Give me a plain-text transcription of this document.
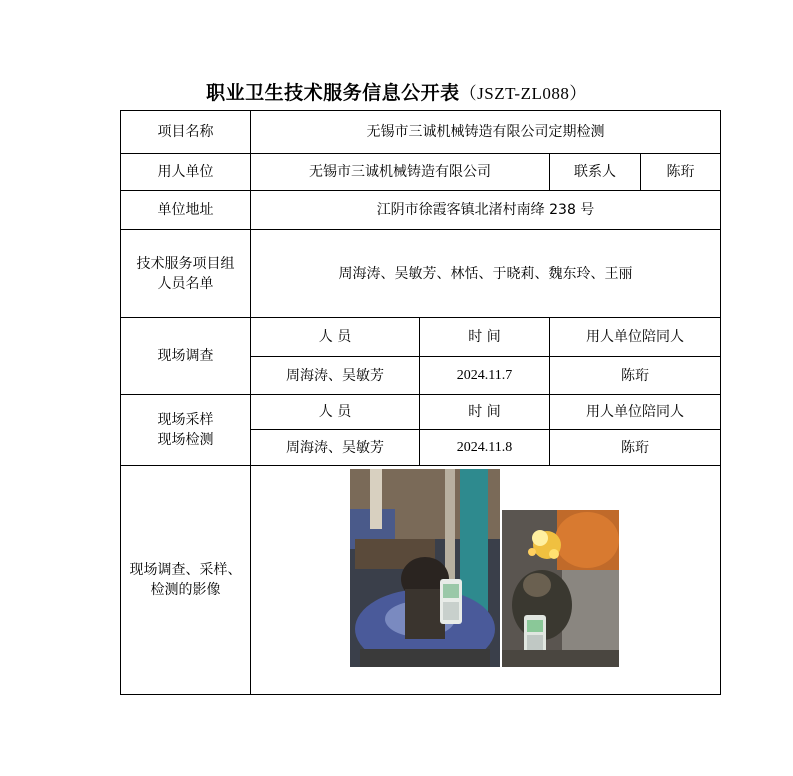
职业卫生技术服务信息公开表（JSZT-ZL088）
项目名称	无锡市三诚机械铸造有限公司定期检测			
用人单位	无锡市三诚机械铸造有限公司		联系人	陈珩
单位地址	江阴市徐霞客镇北渚村南绛 238 号			

技术服务项目组
人员名单	周海涛、吴敏芳、林恬、于晓莉、魏东玲、王丽			
现场调查	人 员	时 间	用人单位陪同人	
	周海涛、吴敏芳	2024.11.7	陈珩	

现场采样
现场检测	人 员	时 间	用人单位陪同人	
	周海涛、吴敏芳	2024.11.8	陈珩	

现场调查、采样、
检测的影像
